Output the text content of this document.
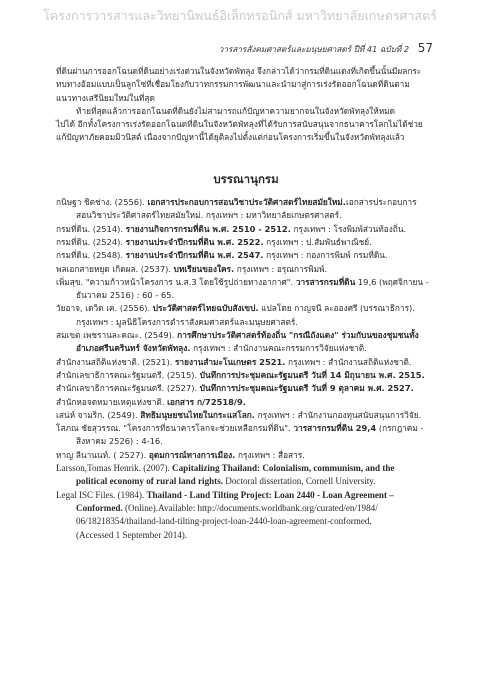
โครงการวารสารและวิทยานิพนธ์อิเล็กทรอนิกส์ มหาวิทยาลัยเกษตรศาสตร์
วารสารสังคมศาสตร์และมนุษยศาสตร์ ปีที่ 41 ฉบับที่ 2 57

ที่ดินผ่านการออกโฉนดที่ดินอย่างเร่งด่วนในจังหวัดพัทลุง จึงกล่าวได้ว่ากรมที่ดินแดงที่เกิดขึ้นนั้นมีผลกระ

ทบทางอ้อมแบบเป็นลูกโซ่ที่เชื่อมโยงกับวาทกรรมการพัฒนาและนำมาสู่การเร่งรัดออกโฉนดที่ดินตาม

แนวทางเสรีนิยมใหม่ในที่สุด

ท้ายที่สุดแล้วการออกโฉนดที่ดินยังไม่สามารถแก้ปัญหาความยากจนในจังหวัดพัทลุงให้หมด

ไปได้ อีกทั้งโครงการเร่งรัดออกโฉนดที่ดินในจังหวัดพัทลุงที่ได้รับการสนับสนุนจากธนาคารโลกไม่ได้ช่วย

แก้ปัญหาภัยคอมมิวนิสต์ เนื่องจากปัญหานี้ได้ยุติลงไปตั้งแต่ก่อนโครงการเริ่มขึ้นในจังหวัดพัทลุงแล้ว

บรรณานุกรม
กนิษฐา ชิตช่าง. (2556). เอกสารประกอบการสอนวิชาประวัติศาสตร์ไทยสมัยใหม่.เอกสารประกอบการ
สอนวิชาประวัติศาสตร์ไทยสมัยใหม่. กรุงเทพฯ : มหาวิทยาลัยเกษตรศาสตร์.
กรมที่ดิน. (2514). รายงานกิจการกรมที่ดิน พ.ศ. 2510 - 2512. กรุงเทพฯ : โรงพิมพ์ส่วนท้องถิ่น.
กรมที่ดิน. (2524). รายงานประจำปีกรมที่ดิน พ.ศ. 2522. กรุงเทพฯ : ป.สัมพันธ์พาณิชย์.
กรมที่ดิน. (2548). รายงานประจำปีกรมที่ดิน พ.ศ. 2547. กรุงเทพฯ : กองการพิมพ์ กรมที่ดิน.
พลเอกสายหยุด เกิดผล. (2537). บทเรียนของใคร. กรุงเทพฯ : อรุณการพิมพ์.
เพิ่มสุข. "ความก้าวหน้าโครงการ น.ส.3 โดยใช้รูปถ่ายทางอากาศ". วารสารกรมที่ดิน 19,6 (พฤศจิกายน -
ธันวาคม 2516) : 60 - 65.
วัยอาจ, เดวิด เค. (2556). ประวัติศาสตร์ไทยฉบับสังเขป. แปลโดย กาญจนี ละอองศรี (บรรณาธิการ).
กรุงเทพฯ : มูลนิธิโครงการตำราสังคมศาสตร์และมนุษยศาสตร์.
สมเขต เพชรานละคณะ. (2549). การศึกษาประวัติศาสตร์ท้องถิ่น "กรณีถังแดง" ร่วมกับนของชุมชนทั้ง
อำเภอศรีนครินทร์ จังหวัดพัทลุง. กรุงเทพฯ : สำนักงานคณะกรรมการวิจัยแห่งชาติ.
สำนักงานสถิติแห่งชาติ. (2521). รายงานสำมะโนเกษตร 2521. กรุงเทพฯ : สำนักงานสถิติแห่งชาติ.
สำนักเลขาธิการคณะรัฐมนตรี. (2515). บันทึกการประชุมคณะรัฐมนตรี วันที่ 14 มิถุนายน พ.ศ. 2515.
สำนักเลขาธิการคณะรัฐมนตรี. (2527). บันทึกการประชุมคณะรัฐมนตรี วันที่ 9 ตุลาคม พ.ศ. 2527.
สำนักหอจดหมายเหตุแห่งชาติ. เอกสาร ก/72518/9.
เสน่ห์ จามริก. (2549). สิทธิมนุษยชนไทยในกระแสโลก. กรุงเทพฯ : สำนักงานกองทุนสนับสนุนการวิจัย.
โสภณ ชัยสุวรรณ. "โครงการที่ธนาคารโลกจะช่วยเหลือกรมที่ดิน". วารสารกรมที่ดิน 29,4 (กรกฎาคม -
สิงหาคม 2526) : 4-16.
หาญ ลีนานนท์. ( 2527). อุดมการณ์ทางการเมือง. กรุงเทพฯ : สื่อสาร.
Larsson,Tomas Henrik. (2007). Capitalizing Thailand: Colonialism, communism, and the
political economy of rural land rights. Doctoral dissertation, Cornell University.
Legal ISC Files. (1984). Thailand - Land Tilting Project: Loan 2440 - Loan Agreement –
Conformed. (Online).Available: http://documents.worldbank.org/curated/en/1984/
06/18218354/thailand-land-tilting-project-loan-2440-loan-agreement-conformed.
(Accessed 1 September 2014).
